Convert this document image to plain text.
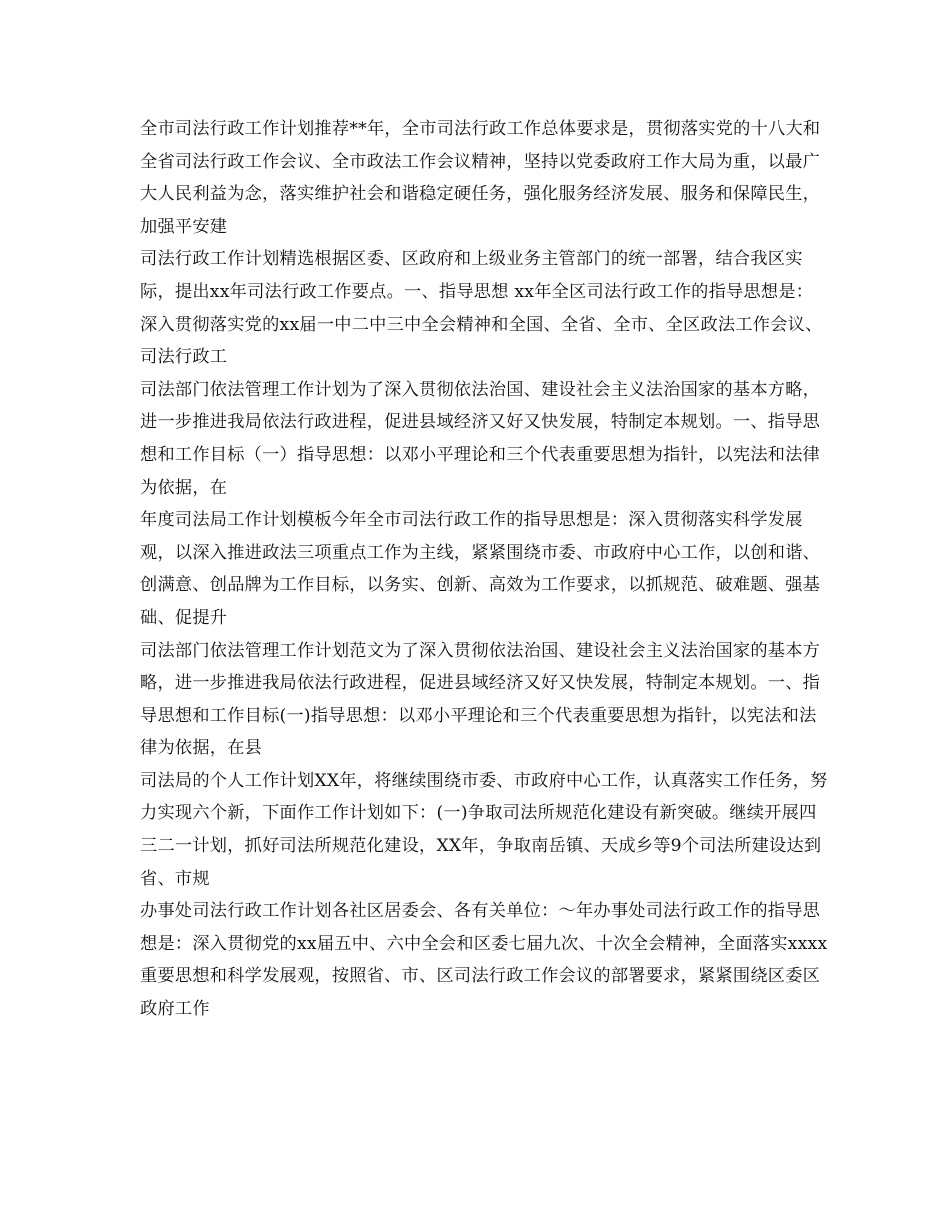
全市司法行政工作计划推荐**年，全市司法行政工作总体要求是，贯彻落实党的十八大和全省司法行政工作会议、全市政法工作会议精神，坚持以党委政府工作大局为重，以最广大人民利益为念，落实维护社会和谐稳定硬任务，强化服务经济发展、服务和保障民生，加强平安建

司法行政工作计划精选根据区委、区政府和上级业务主管部门的统一部署，结合我区实际，提出xx年司法行政工作要点。一、指导思想 xx年全区司法行政工作的指导思想是：深入贯彻落实党的xx届一中二中三中全会精神和全国、全省、全市、全区政法工作会议、司法行政工

司法部门依法管理工作计划为了深入贯彻依法治国、建设社会主义法治国家的基本方略，进一步推进我局依法行政进程，促进县域经济又好又快发展，特制定本规划。一、指导思想和工作目标（一）指导思想：以邓小平理论和三个代表重要思想为指针，以宪法和法律为依据，在

年度司法局工作计划模板今年全市司法行政工作的指导思想是：深入贯彻落实科学发展观，以深入推进政法三项重点工作为主线，紧紧围绕市委、市政府中心工作，以创和谐、创满意、创品牌为工作目标，以务实、创新、高效为工作要求，以抓规范、破难题、强基础、促提升

司法部门依法管理工作计划范文为了深入贯彻依法治国、建设社会主义法治国家的基本方略，进一步推进我局依法行政进程，促进县域经济又好又快发展，特制定本规划。一、指导思想和工作目标(一)指导思想：以邓小平理论和三个代表重要思想为指针，以宪法和法律为依据，在县

司法局的个人工作计划XX年，将继续围绕市委、市政府中心工作，认真落实工作任务，努力实现六个新，下面作工作计划如下：(一)争取司法所规范化建设有新突破。继续开展四三二一计划，抓好司法所规范化建设，XX年，争取南岳镇、天成乡等9个司法所建设达到省、市规

办事处司法行政工作计划各社区居委会、各有关单位：～年办事处司法行政工作的指导思想是：深入贯彻党的xx届五中、六中全会和区委七届九次、十次全会精神，全面落实xxxx重要思想和科学发展观，按照省、市、区司法行政工作会议的部署要求，紧紧围绕区委区政府工作
